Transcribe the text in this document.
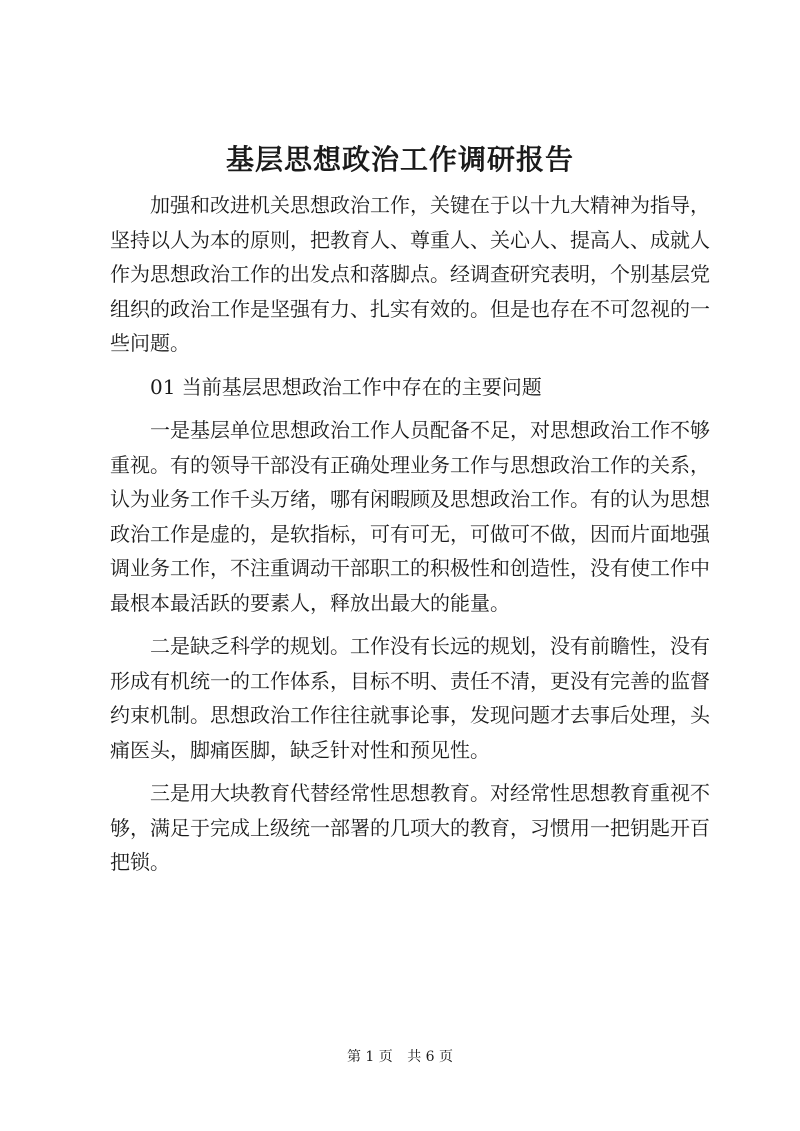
基层思想政治工作调研报告

加强和改进机关思想政治工作，关键在于以十九大精神为指导，坚持以人为本的原则，把教育人、尊重人、关心人、提高人、成就人作为思想政治工作的出发点和落脚点。经调查研究表明，个别基层党组织的政治工作是坚强有力、扎实有效的。但是也存在不可忽视的一些问题。

01 当前基层思想政治工作中存在的主要问题

一是基层单位思想政治工作人员配备不足，对思想政治工作不够重视。有的领导干部没有正确处理业务工作与思想政治工作的关系，认为业务工作千头万绪，哪有闲暇顾及思想政治工作。有的认为思想政治工作是虚的，是软指标，可有可无，可做可不做，因而片面地强调业务工作，不注重调动干部职工的积极性和创造性，没有使工作中最根本最活跃的要素人，释放出最大的能量。

二是缺乏科学的规划。工作没有长远的规划，没有前瞻性，没有形成有机统一的工作体系，目标不明、责任不清，更没有完善的监督约束机制。思想政治工作往往就事论事，发现问题才去事后处理，头痛医头，脚痛医脚，缺乏针对性和预见性。

三是用大块教育代替经常性思想教育。对经常性思想教育重视不够，满足于完成上级统一部署的几项大的教育，习惯用一把钥匙开百把锁。

第 1 页 共 6 页
